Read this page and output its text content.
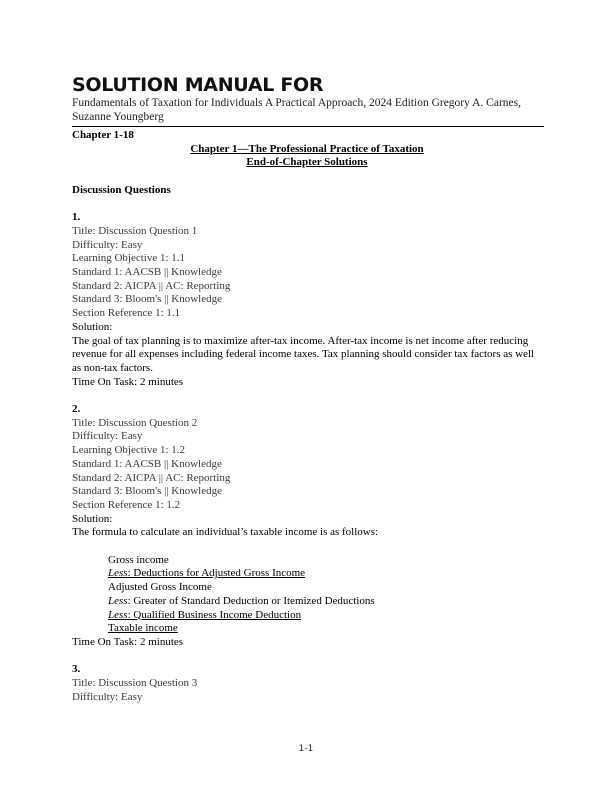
SOLUTION MANUAL FOR
Fundamentals of Taxation for Individuals A Practical Approach, 2024 Edition Gregory A. Carnes, Suzanne Youngberg
Chapter 1-18
Chapter 1—The Professional Practice of Taxation
End-of-Chapter Solutions
Discussion Questions
1.
Title: Discussion Question 1
Difficulty: Easy
Learning Objective 1: 1.1
Standard 1: AACSB || Knowledge
Standard 2: AICPA || AC: Reporting
Standard 3: Bloom's || Knowledge
Section Reference 1: 1.1
Solution:
The goal of tax planning is to maximize after-tax income. After-tax income is net income after reducing revenue for all expenses including federal income taxes. Tax planning should consider tax factors as well as non-tax factors.
Time On Task: 2 minutes
2.
Title: Discussion Question 2
Difficulty: Easy
Learning Objective 1: 1.2
Standard 1: AACSB || Knowledge
Standard 2: AICPA || AC: Reporting
Standard 3: Bloom's || Knowledge
Section Reference 1: 1.2
Solution:
The formula to calculate an individual’s taxable income is as follows:
Gross income
Less: Deductions for Adjusted Gross Income
Adjusted Gross Income
Less: Greater of Standard Deduction or Itemized Deductions
Less: Qualified Business Income Deduction
Taxable income
Time On Task: 2 minutes
3.
Title: Discussion Question 3
Difficulty: Easy
1-1
